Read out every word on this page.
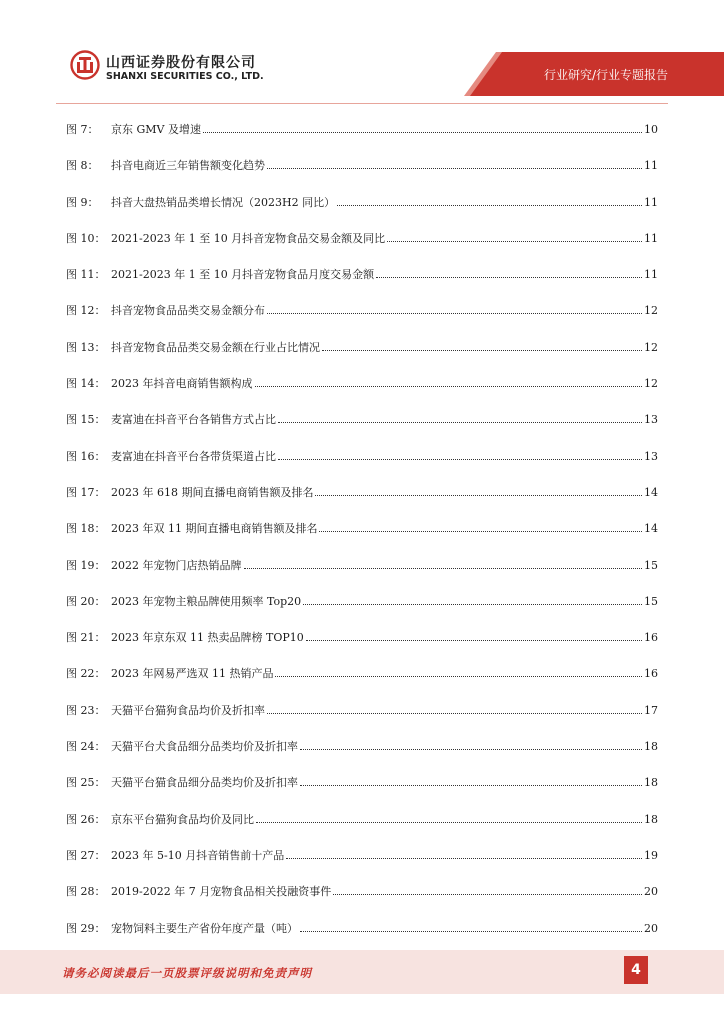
山西证券股份有限公司
SHANXI SECURITIES CO., LTD.	行业研究/行业专题报告
图 7：	京东 GMV 及增速	10
图 8：	抖音电商近三年销售额变化趋势	11
图 9：	抖音大盘热销品类增长情况（2023H2 同比）	11
图 10： 2021-2023 年 1 至 10 月抖音宠物食品交易金额及同比	11
图 11： 2021-2023 年 1 至 10 月抖音宠物食品月度交易金额	11
图 12： 抖音宠物食品品类交易金额分布	12
图 13： 抖音宠物食品品类交易金额在行业占比情况	12
图 14： 2023 年抖音电商销售额构成	12
图 15： 麦富迪在抖音平台各销售方式占比	13
图 16： 麦富迪在抖音平台各带货渠道占比	13
图 17： 2023 年 618 期间直播电商销售额及排名	14
图 18： 2023 年双 11 期间直播电商销售额及排名	14
图 19： 2022 年宠物门店热销品牌	15
图 20： 2023 年宠物主粮品牌使用频率 Top20	15
图 21： 2023 年京东双 11 热卖品牌榜 TOP10	16
图 22： 2023 年网易严选双 11 热销产品	16
图 23： 天猫平台猫狗食品均价及折扣率	17
图 24： 天猫平台犬食品细分品类均价及折扣率	18
图 25： 天猫平台猫食品细分品类均价及折扣率	18
图 26： 京东平台猫狗食品均价及同比	18
图 27： 2023 年 5-10 月抖音销售前十产品	19
图 28： 2019-2022 年 7 月宠物食品相关投融资事件	20
图 29： 宠物饲料主要生产省份年度产量（吨）	20
请务必阅读最后一页股票评级说明和免责声明	4
